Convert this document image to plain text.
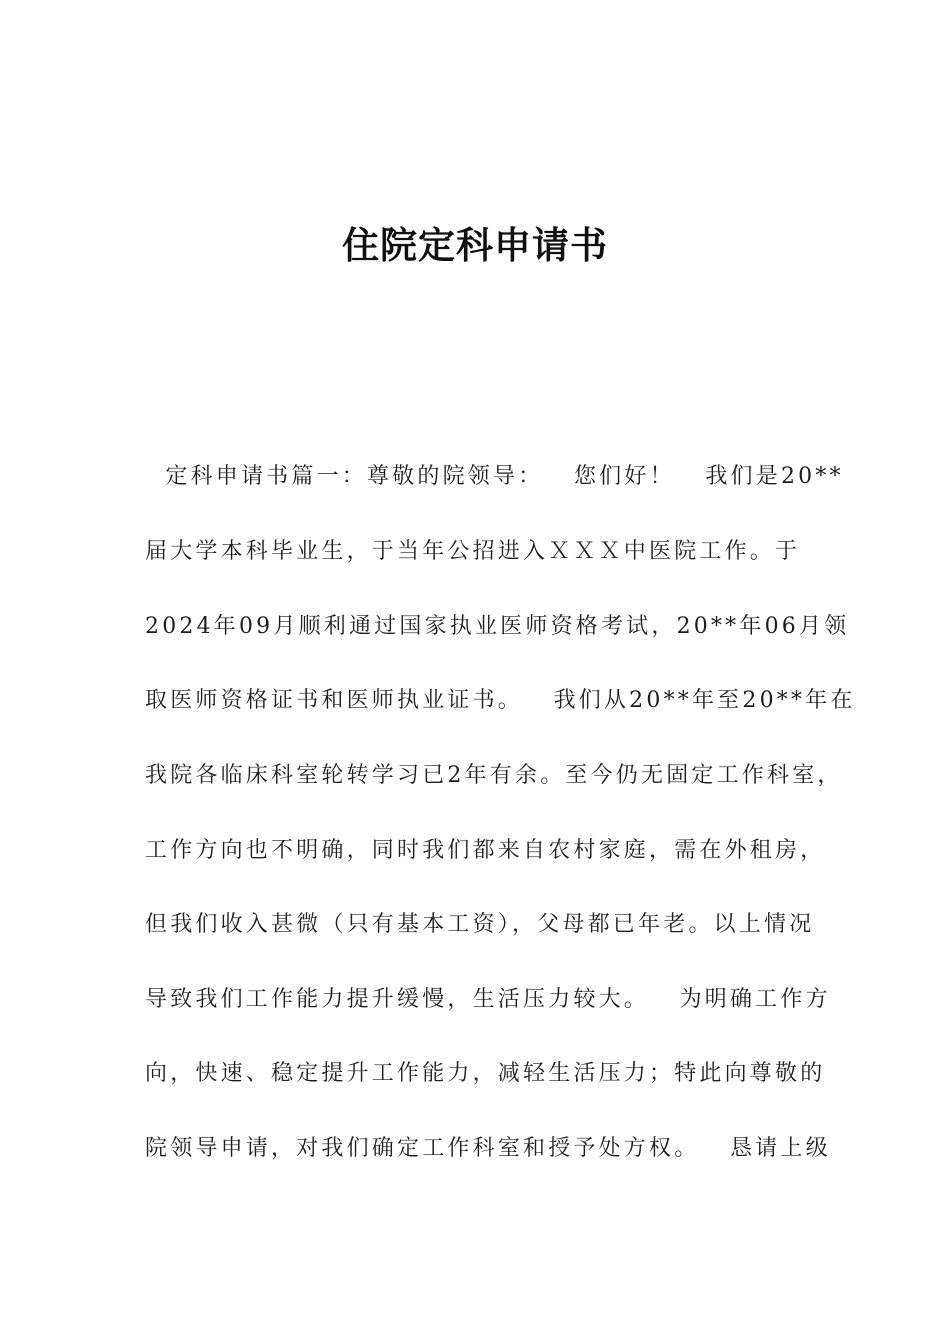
住院定科申请书
定科申请书篇一：尊敬的院领导：   您们好！   我们是20**
届大学本科毕业生，于当年公招进入ＸＸＸ中医院工作。于
2024年09月顺利通过国家执业医师资格考试，20**年06月领
取医师资格证书和医师执业证书。   我们从20**年至20**年在
我院各临床科室轮转学习已2年有余。至今仍无固定工作科室，
工作方向也不明确，同时我们都来自农村家庭，需在外租房，
但我们收入甚微（只有基本工资），父母都已年老。以上情况
导致我们工作能力提升缓慢，生活压力较大。   为明确工作方
向，快速、稳定提升工作能力，减轻生活压力；特此向尊敬的
院领导申请，对我们确定工作科室和授予处方权。   恳请上级
